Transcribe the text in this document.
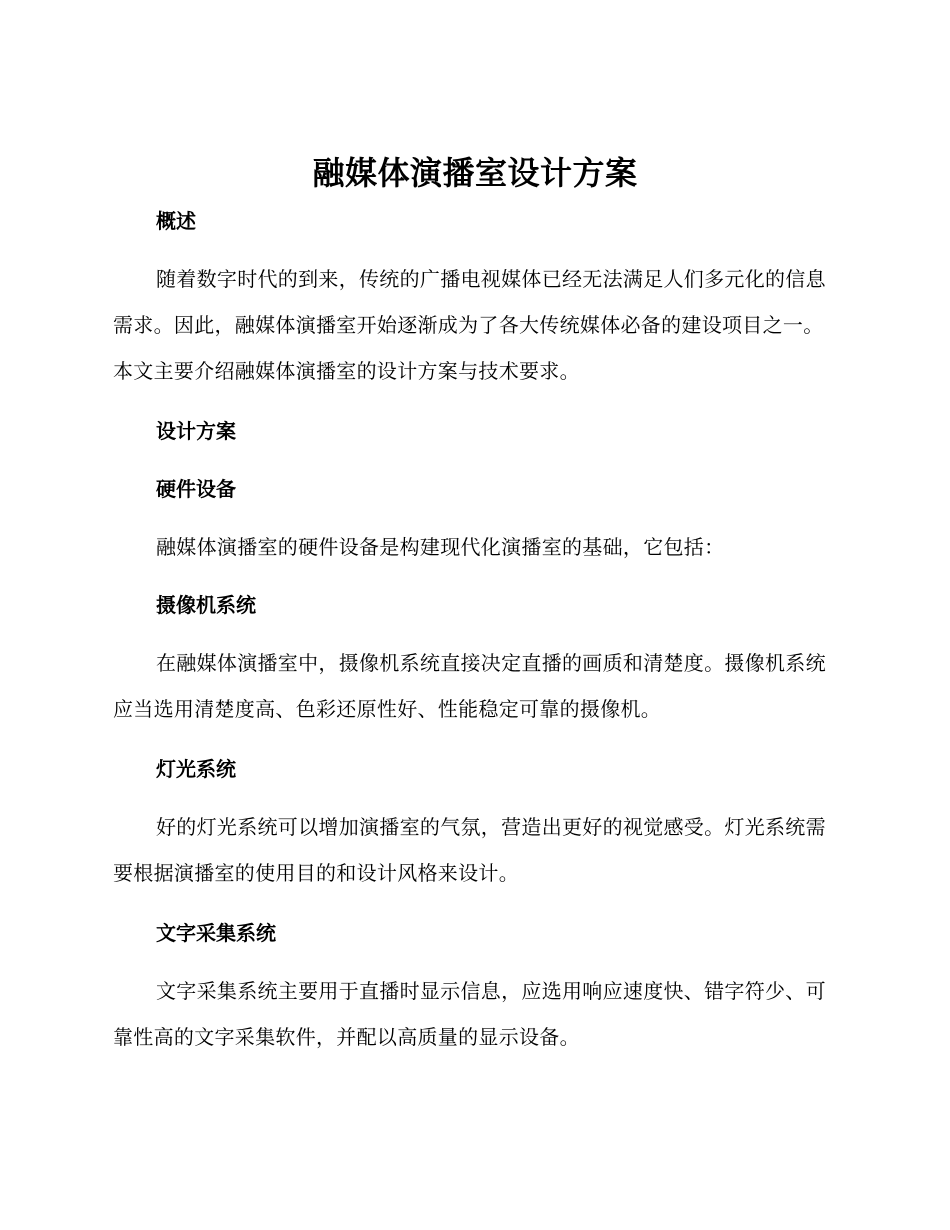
融媒体演播室设计方案

概述

随着数字时代的到来，传统的广播电视媒体已经无法满足人们多元化的信息需求。因此，融媒体演播室开始逐渐成为了各大传统媒体必备的建设项目之一。本文主要介绍融媒体演播室的设计方案与技术要求。

设计方案

硬件设备

融媒体演播室的硬件设备是构建现代化演播室的基础，它包括：

摄像机系统

在融媒体演播室中，摄像机系统直接决定直播的画质和清楚度。摄像机系统应当选用清楚度高、色彩还原性好、性能稳定可靠的摄像机。

灯光系统

好的灯光系统可以增加演播室的气氛，营造出更好的视觉感受。灯光系统需要根据演播室的使用目的和设计风格来设计。

文字采集系统

文字采集系统主要用于直播时显示信息，应选用响应速度快、错字符少、可靠性高的文字采集软件，并配以高质量的显示设备。
